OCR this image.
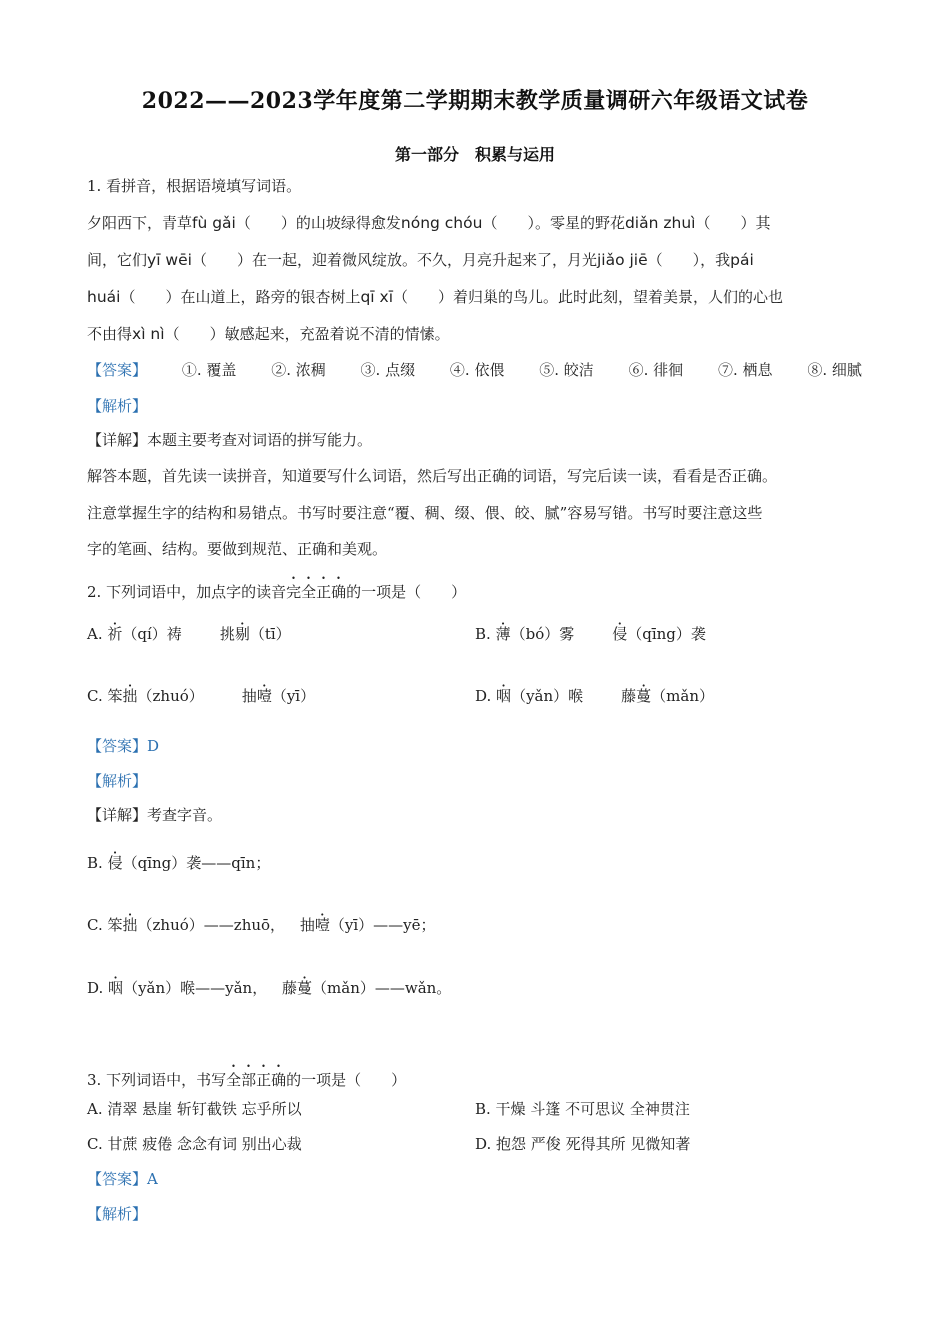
2022——2023学年度第二学期期末教学质量调研六年级语文试卷
第一部分　积累与运用
1. 看拼音，根据语境填写词语。
夕阳西下，青草fù gǎi（　　）的山坡绿得愈发nóng chóu（　　）。零星的野花diǎn zhuì（　　）其
间，它们yī wēi（　　）在一起，迎着微风绽放。不久，月亮升起来了，月光jiǎo jiē（　　），我pái
huái（　　）在山道上，路旁的银杏树上qī xī（　　）着归巢的鸟儿。此时此刻，望着美景，人们的心也
不由得xì nì（　　）敏感起来，充盈着说不清的情愫。
【答案】 ①. 覆盖 ②. 浓稠 ③. 点缀 ④. 依偎 ⑤. 皎洁 ⑥. 徘徊 ⑦. 栖息 ⑧. 细腻
【解析】
【详解】本题主要考查对词语的拼写能力。
解答本题，首先读一读拼音，知道要写什么词语，然后写出正确的词语，写完后读一读，看看是否正确。
注意掌握生字的结构和易错点。书写时要注意“覆、稠、缀、偎、皎、腻”容易写错。书写时要注意这些
字的笔画、结构。要做到规范、正确和美观。
2. 下列词语中，加点字的读音完全正确的一项是（　　）
A. 祈（qí）祷	挑剔（tī）	B. 薄（bó）雾	侵（qīng）袭
C. 笨拙（zhuó）	抽噎（yī）	D. 咽（yǎn）喉	藤蔓（mǎn）
【答案】D
【解析】
【详解】考查字音。
B. 侵（qīng）袭——qīn；
C. 笨拙（zhuó）——zhuō， 抽噎（yī）——yē；
D. 咽（yǎn）喉——yǎn， 藤蔓（mǎn）——wǎn。
3. 下列词语中，书写全部正确的一项是（　　）
A. 清翠 悬崖 斩钉截铁 忘乎所以	B. 干燥 斗篷 不可思议 全神贯注
C. 甘蔗 疲倦 念念有词 别出心裁	D. 抱怨 严俊 死得其所 见微知著
【答案】A
【解析】
